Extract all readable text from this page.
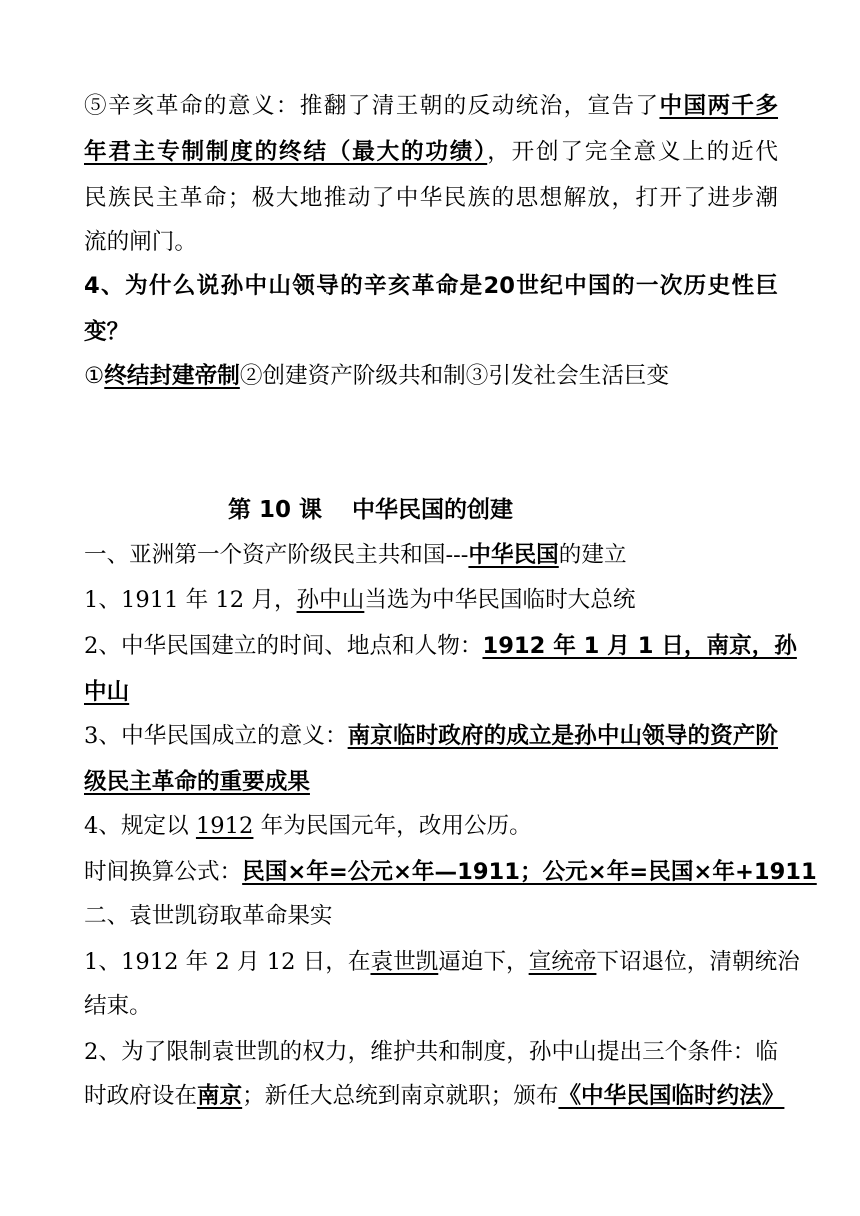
⑤辛亥革命的意义：推翻了清王朝的反动统治，宣告了中国两千多
年君主专制制度的终结（最大的功绩），开创了完全意义上的近代
民族民主革命；极大地推动了中华民族的思想解放，打开了进步潮
流的闸门。
4、为什么说孙中山领导的辛亥革命是20世纪中国的一次历史性巨
变？
①终结封建帝制②创建资产阶级共和制③引发社会生活巨变
第 10 课 中华民国的创建
一、亚洲第一个资产阶级民主共和国---中华民国的建立
1、1911 年 12 月，孙中山当选为中华民国临时大总统
2、中华民国建立的时间、地点和人物：1912 年 1 月 1 日，南京，孙
中山
3、中华民国成立的意义：南京临时政府的成立是孙中山领导的资产阶
级民主革命的重要成果
4、规定以 1912 年为民国元年，改用公历。
时间换算公式：民国×年=公元×年—1911；公元×年=民国×年+1911
二、袁世凯窃取革命果实
1、1912 年 2 月 12 日，在袁世凯逼迫下，宣统帝下诏退位，清朝统治
结束。
2、为了限制袁世凯的权力，维护共和制度，孙中山提出三个条件：临
时政府设在南京；新任大总统到南京就职；颁布《中华民国临时约法》
